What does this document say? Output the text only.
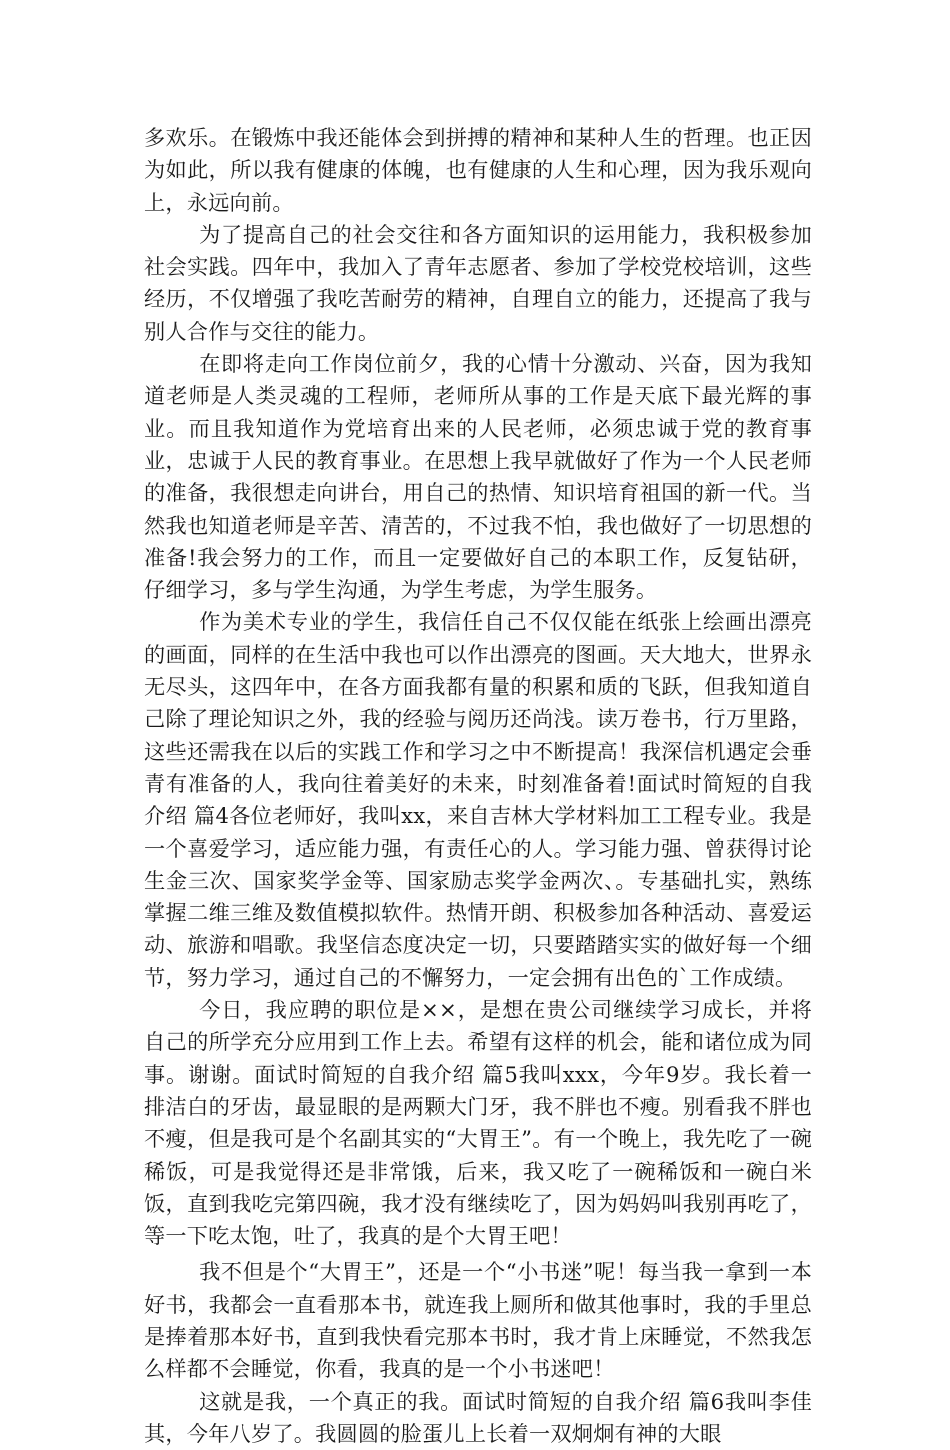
多欢乐。在锻炼中我还能体会到拼搏的精神和某种人生的哲理。也正因为如此，所以我有健康的体魄，也有健康的人生和心理，因为我乐观向上，永远向前。

为了提高自己的社会交往和各方面知识的运用能力，我积极参加社会实践。四年中，我加入了青年志愿者、参加了学校党校培训，这些经历，不仅增强了我吃苦耐劳的精神，自理自立的能力，还提高了我与别人合作与交往的能力。

在即将走向工作岗位前夕，我的心情十分激动、兴奋，因为我知道老师是人类灵魂的工程师，老师所从事的工作是天底下最光辉的事业。而且我知道作为党培育出来的人民老师，必须忠诚于党的教育事业，忠诚于人民的教育事业。在思想上我早就做好了作为一个人民老师的准备，我很想走向讲台，用自己的热情、知识培育祖国的新一代。当然我也知道老师是辛苦、清苦的，不过我不怕，我也做好了一切思想的准备!我会努力的工作，而且一定要做好自己的本职工作，反复钻研，仔细学习，多与学生沟通，为学生考虑，为学生服务。

作为美术专业的学生，我信任自己不仅仅能在纸张上绘画出漂亮的画面，同样的在生活中我也可以作出漂亮的图画。天大地大，世界永无尽头，这四年中，在各方面我都有量的积累和质的飞跃，但我知道自己除了理论知识之外，我的经验与阅历还尚浅。读万卷书，行万里路，这些还需我在以后的实践工作和学习之中不断提高！我深信机遇定会垂青有准备的人，我向往着美好的未来，时刻准备着!面试时简短的自我介绍 篇4各位老师好，我叫xx，来自吉林大学材料加工工程专业。我是一个喜爱学习，适应能力强，有责任心的人。学习能力强、曾获得讨论生金三次、国家奖学金等、国家励志奖学金两次、。专基础扎实，熟练掌握二维三维及数值模拟软件。热情开朗、积极参加各种活动、喜爱运动、旅游和唱歌。我坚信态度决定一切，只要踏踏实实的做好每一个细节，努力学习，通过自己的不懈努力，一定会拥有出色的`工作成绩。

今日，我应聘的职位是××，是想在贵公司继续学习成长，并将自己的所学充分应用到工作上去。希望有这样的机会，能和诸位成为同事。谢谢。面试时简短的自我介绍 篇5我叫xxx，今年9岁。我长着一排洁白的牙齿，最显眼的是两颗大门牙，我不胖也不瘦。别看我不胖也不瘦，但是我可是个名副其实的“大胃王”。有一个晚上，我先吃了一碗稀饭，可是我觉得还是非常饿，后来，我又吃了一碗稀饭和一碗白米饭，直到我吃完第四碗，我才没有继续吃了，因为妈妈叫我别再吃了，等一下吃太饱，吐了，我真的是个大胃王吧！

我不但是个“大胃王”，还是一个“小书迷”呢！每当我一拿到一本好书，我都会一直看那本书，就连我上厕所和做其他事时，我的手里总是捧着那本好书，直到我快看完那本书时，我才肯上床睡觉，不然我怎么样都不会睡觉，你看，我真的是一个小书迷吧！

这就是我，一个真正的我。面试时简短的自我介绍 篇6我叫李佳其，今年八岁了。我圆圆的脸蛋儿上长着一双炯炯有神的大眼
